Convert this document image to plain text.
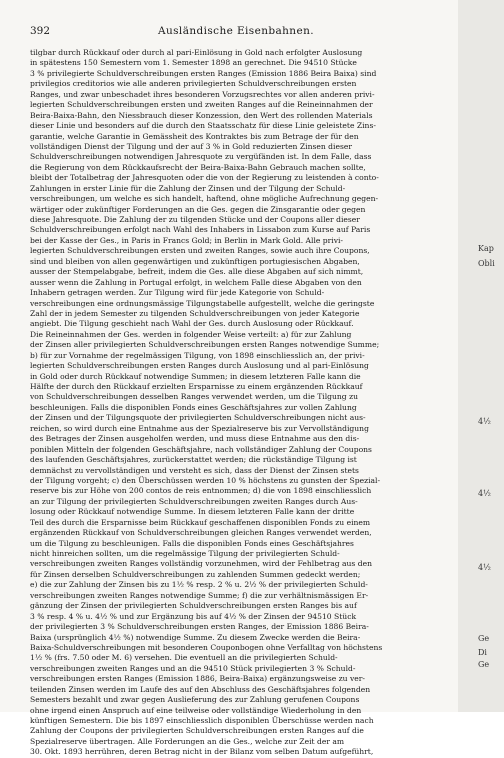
392	Ausländische Eisenbahnen.
tilgbar durch Rückkauf oder durch al pari-Einlösung in Gold nach erfolgter Auslosung
in spätestens 150 Semestern vom 1. Semester 1898 an gerechnet. Die 94510 Stücke
3 % privilegierte Schuldverschreibungen ersten Ranges (Emission 1886 Beira Baixa) sind
privilegios creditorios wie alle anderen privilegierten Schuldverschreibungen ersten
Ranges, und zwar unbeschadet ihres besonderen Vorzugsrechtes vor allen anderen privi-
legierten Schuldverschreibungen ersten und zweiten Ranges auf die Reineinnahmen der
Beira-Baixa-Bahn, den Niessbrauch dieser Konzession, den Wert des rollenden Materials
dieser Linie und besonders auf die durch den Staatsschatz für diese Linie geleistete Zins-
garantie, welche Garantie in Gemässheit des Kontraktes bis zum Betrage der für den
vollständigen Dienst der Tilgung und der auf 3 % in Gold reduzierten Zinsen dieser
Schuldverschreibungen notwendigen Jahresquote zu vergüfänden ist. In dem Falle, dass
die Regierung von dem Rückkaufsrecht der Beira-Baixa-Bahn Gebrauch machen sollte,
bleibt der Totalbetrag der Jahresquoten oder die von der Regierung zu leistenden à conto-
Zahlungen in erster Linie für die Zahlung der Zinsen und der Tilgung der Schuld-
verschreibungen, um welche es sich handelt, haftend, ohne mögliche Aufrechnung gegen-
wärtiger oder zukünftiger Forderungen an die Ges. gegen die Zinsgarantie oder gegen
diese Jahresquote. Die Zahlung der zu tilgenden Stücke und der Coupons aller dieser
Schuldverschreibungen erfolgt nach Wahl des Inhabers in Lissabon zum Kurse auf Paris
bei der Kasse der Ges., in Paris in Francs Gold; in Berlin in Mark Gold. Alle privi-
legierten Schuldverschreibungen ersten und zweiten Ranges, sowie auch ihre Coupons,
sind und bleiben von allen gegenwärtigen und zukünftigen portugiesischen Abgaben,
ausser der Stempelabgabe, befreit, indem die Ges. alle diese Abgaben auf sich nimmt,
ausser wenn die Zahlung in Portugal erfolgt, in welchem Falle diese Abgaben von den
Inhabern getragen werden. Zur Tilgung wird für jede Kategorie von Schuld-
verschreibungen eine ordnungsmässige Tilgungstabelle aufgestellt, welche die geringste
Zahl der in jedem Semester zu tilgenden Schuldverschreibungen von jeder Kategorie
angiebt. Die Tilgung geschieht nach Wahl der Ges. durch Auslosung oder Rückkauf.
Die Reineinnahmen der Ges. werden in folgender Weise verteilt: a) für zur Zahlung
der Zinsen aller privilegierten Schuldverschreibungen ersten Ranges notwendige Summe;
b) für zur Vornahme der regelmässigen Tilgung, von 1898 einschliesslich an, der privi-
legierten Schuldverschreibungen ersten Ranges durch Auslosung und al pari-Einlösung
in Gold oder durch Rückkauf notwendige Summen; in diesem letzteren Falle kann die
Hälfte der durch den Rückkauf erzielten Ersparnisse zu einem ergänzenden Rückkauf
von Schuldverschreibungen desselben Ranges verwendet werden, um die Tilgung zu
beschleunigen. Falls die disponiblen Fonds eines Geschäftsjahres zur vollen Zahlung
der Zinsen und der Tilgungsquote der privilegierten Schuldverschreibungen nicht aus-
reichen, so wird durch eine Entnahme aus der Spezialreserve bis zur Vervollständigung
des Betrages der Zinsen ausgeholfen werden, und muss diese Entnahme aus den dis-
poniblen Mitteln der folgenden Geschäftsjahre, nach vollständiger Zahlung der Coupons
des laufenden Geschäftsjahres, zurückerstattet werden; die rückständige Tilgung ist
demnächst zu vervollständigen und versteht es sich, dass der Dienst der Zinsen stets
der Tilgung vorgeht; c) den Überschüssen werden 10 % höchstens zu gunsten der Spezial-
reserve bis zur Höhe von 200 contos de reis entnommen; d) die von 1898 einschliesslich
an zur Tilgung der privilegierten Schuldverschreibungen zweiten Ranges durch Aus-
losung oder Rückkauf notwendige Summe. In diesem letzteren Falle kann der dritte
Teil des durch die Ersparnisse beim Rückkauf geschaffenen disponiblen Fonds zu einem
ergänzenden Rückkauf von Schuldverschreibungen gleichen Ranges verwendet werden,
um die Tilgung zu beschleunigen. Falls die disponiblen Fonds eines Geschäftsjahres
nicht hinreichen sollten, um die regelmässige Tilgung der privilegierten Schuld-
verschreibungen zweiten Ranges vollständig vorzunehmen, wird der Fehlbetrag aus den
für Zinsen derselben Schuldverschreibungen zu zahlenden Summen gedeckt werden;
e) die zur Zahlung der Zinsen bis zu 1½ % resp. 2 % u. 2½ % der privilegierten Schuld-
verschreibungen zweiten Ranges notwendige Summe; f) die zur verhältnismässigen Er-
gänzung der Zinsen der privilegierten Schuldverschreibungen ersten Ranges bis auf
3 % resp. 4 % u. 4½ % und zur Ergänzung bis auf 4½ % der Zinsen der 94510 Stück
der privilegierten 3 % Schuldverschreibungen ersten Ranges, der Emission 1886 Beira-
Baixa (ursprünglich 4½ %) notwendige Summe. Zu diesem Zwecke werden die Beira-
Baixa-Schuldverschreibungen mit besonderen Couponbogen ohne Verfalltag von höchstens
1½ % (frs. 7.50 oder M. 6) versehen. Die eventuell an die privilegierten Schuld-
verschreibungen zweiten Ranges und an die 94510 Stück privilegierten 3 % Schuld-
verschreibungen ersten Ranges (Emission 1886, Beira-Baixa) ergänzungsweise zu ver-
teilenden Zinsen werden im Laufe des auf den Abschluss des Geschäftsjahres folgenden
Semesters bezahlt und zwar gegen Auslieferung des zur Zahlung gerufenen Coupons
ohne irgend einen Anspruch auf eine teilweise oder vollständige Wiederholung in den
künftigen Semestern. Die bis 1897 einschliesslich disponiblen Überschüsse werden nach
Zahlung der Coupons der privilegierten Schuldverschreibungen ersten Ranges auf die
Spezialreserve übertragen. Alle Forderungen an die Ges., welche zur Zeit der am
30. Okt. 1893 herrühren, deren Betrag nicht in der Bilanz vom selben Datum aufgeführt,
Kap
Obli
4½
4½
4½
Ge
Di
Ge
